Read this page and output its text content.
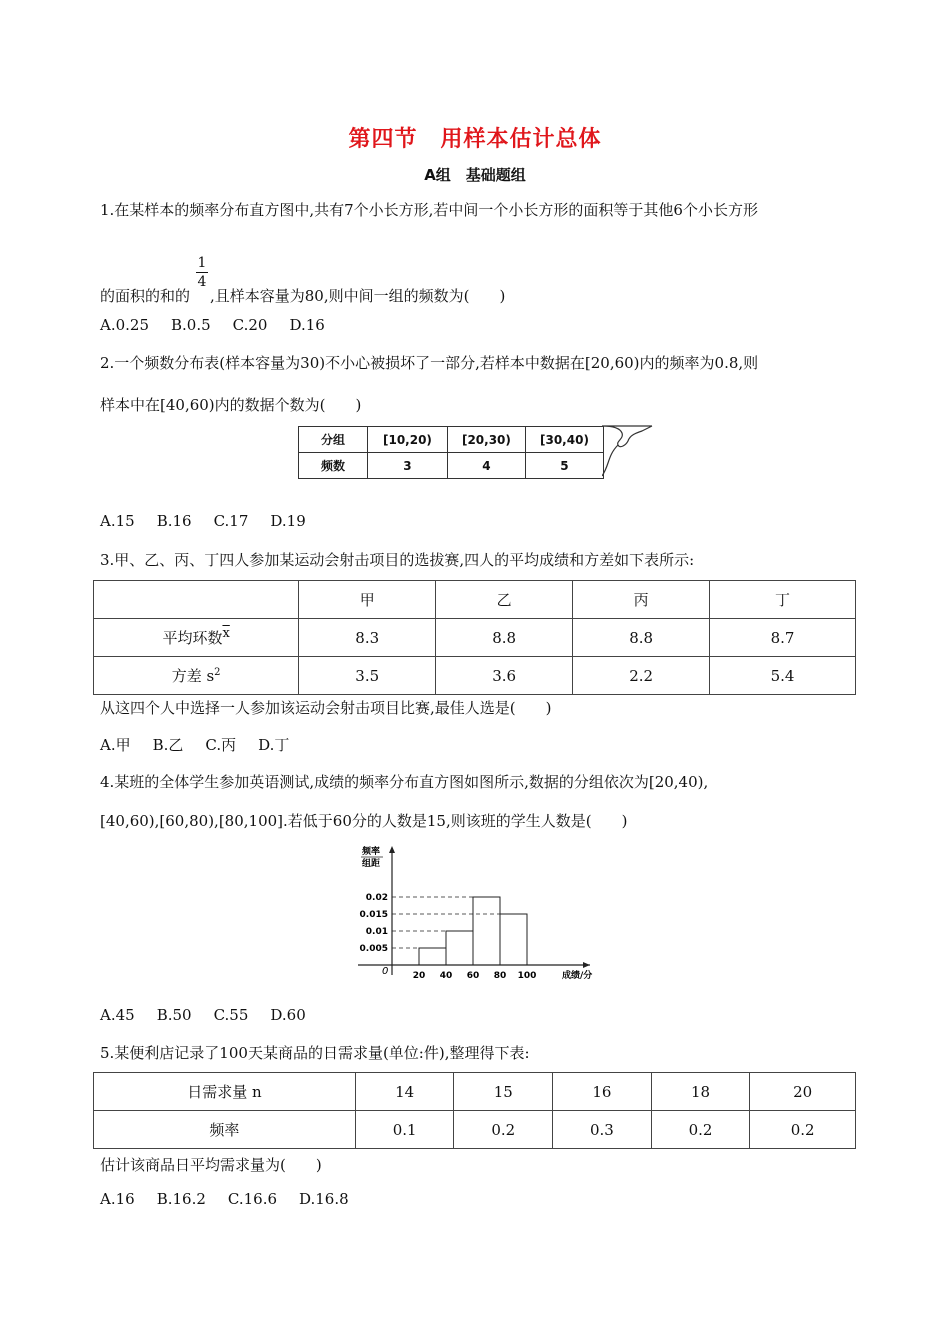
第四节　用样本估计总体
A组　基础题组
1.在某样本的频率分布直方图中,共有7个小长方形,若中间一个小长方形的面积等于其他6个小长方形
1
4
的面积的和的 ,且样本容量为80,则中间一组的频数为(　　)
A.0.25 B.0.5 C.20 D.16
2.一个频数分布表(样本容量为30)不小心被损坏了一部分,若样本中数据在[20,60)内的频率为0.8,则
样本中在[40,60)内的数据个数为(　　)
分组	[10,20)	[20,30)	[30,40)
频数	3	4	5
A.15 B.16 C.17 D.19
3.甲、乙、丙、丁四人参加某运动会射击项目的选拔赛,四人的平均成绩和方差如下表所示:
	甲	乙	丙	丁
平均环数$\overline{x}$	8.3	8.8	8.8	8.7
方差 $s^2$	3.5	3.6	2.2	5.4
从这四个人中选择一人参加该运动会射击项目比赛,最佳人选是(　　)
A.甲 B.乙 C.丙 D.丁
4.某班的全体学生参加英语测试,成绩的频率分布直方图如图所示,数据的分组依次为[20,40),
[40,60),[60,80),[80,100].若低于60分的人数是15,则该班的学生人数是(　　)
频率
组距
0	成绩/分
0.005
0.01
0.015
0.02
20 40 60 80 100
A.45 B.50 C.55 D.60
5.某便利店记录了100天某商品的日需求量(单位:件),整理得下表:
日需求量 n	14	15	16	18	20
频率	0.1	0.2	0.3	0.2	0.2
估计该商品日平均需求量为(　　)
A.16 B.16.2 C.16.6 D.16.8
